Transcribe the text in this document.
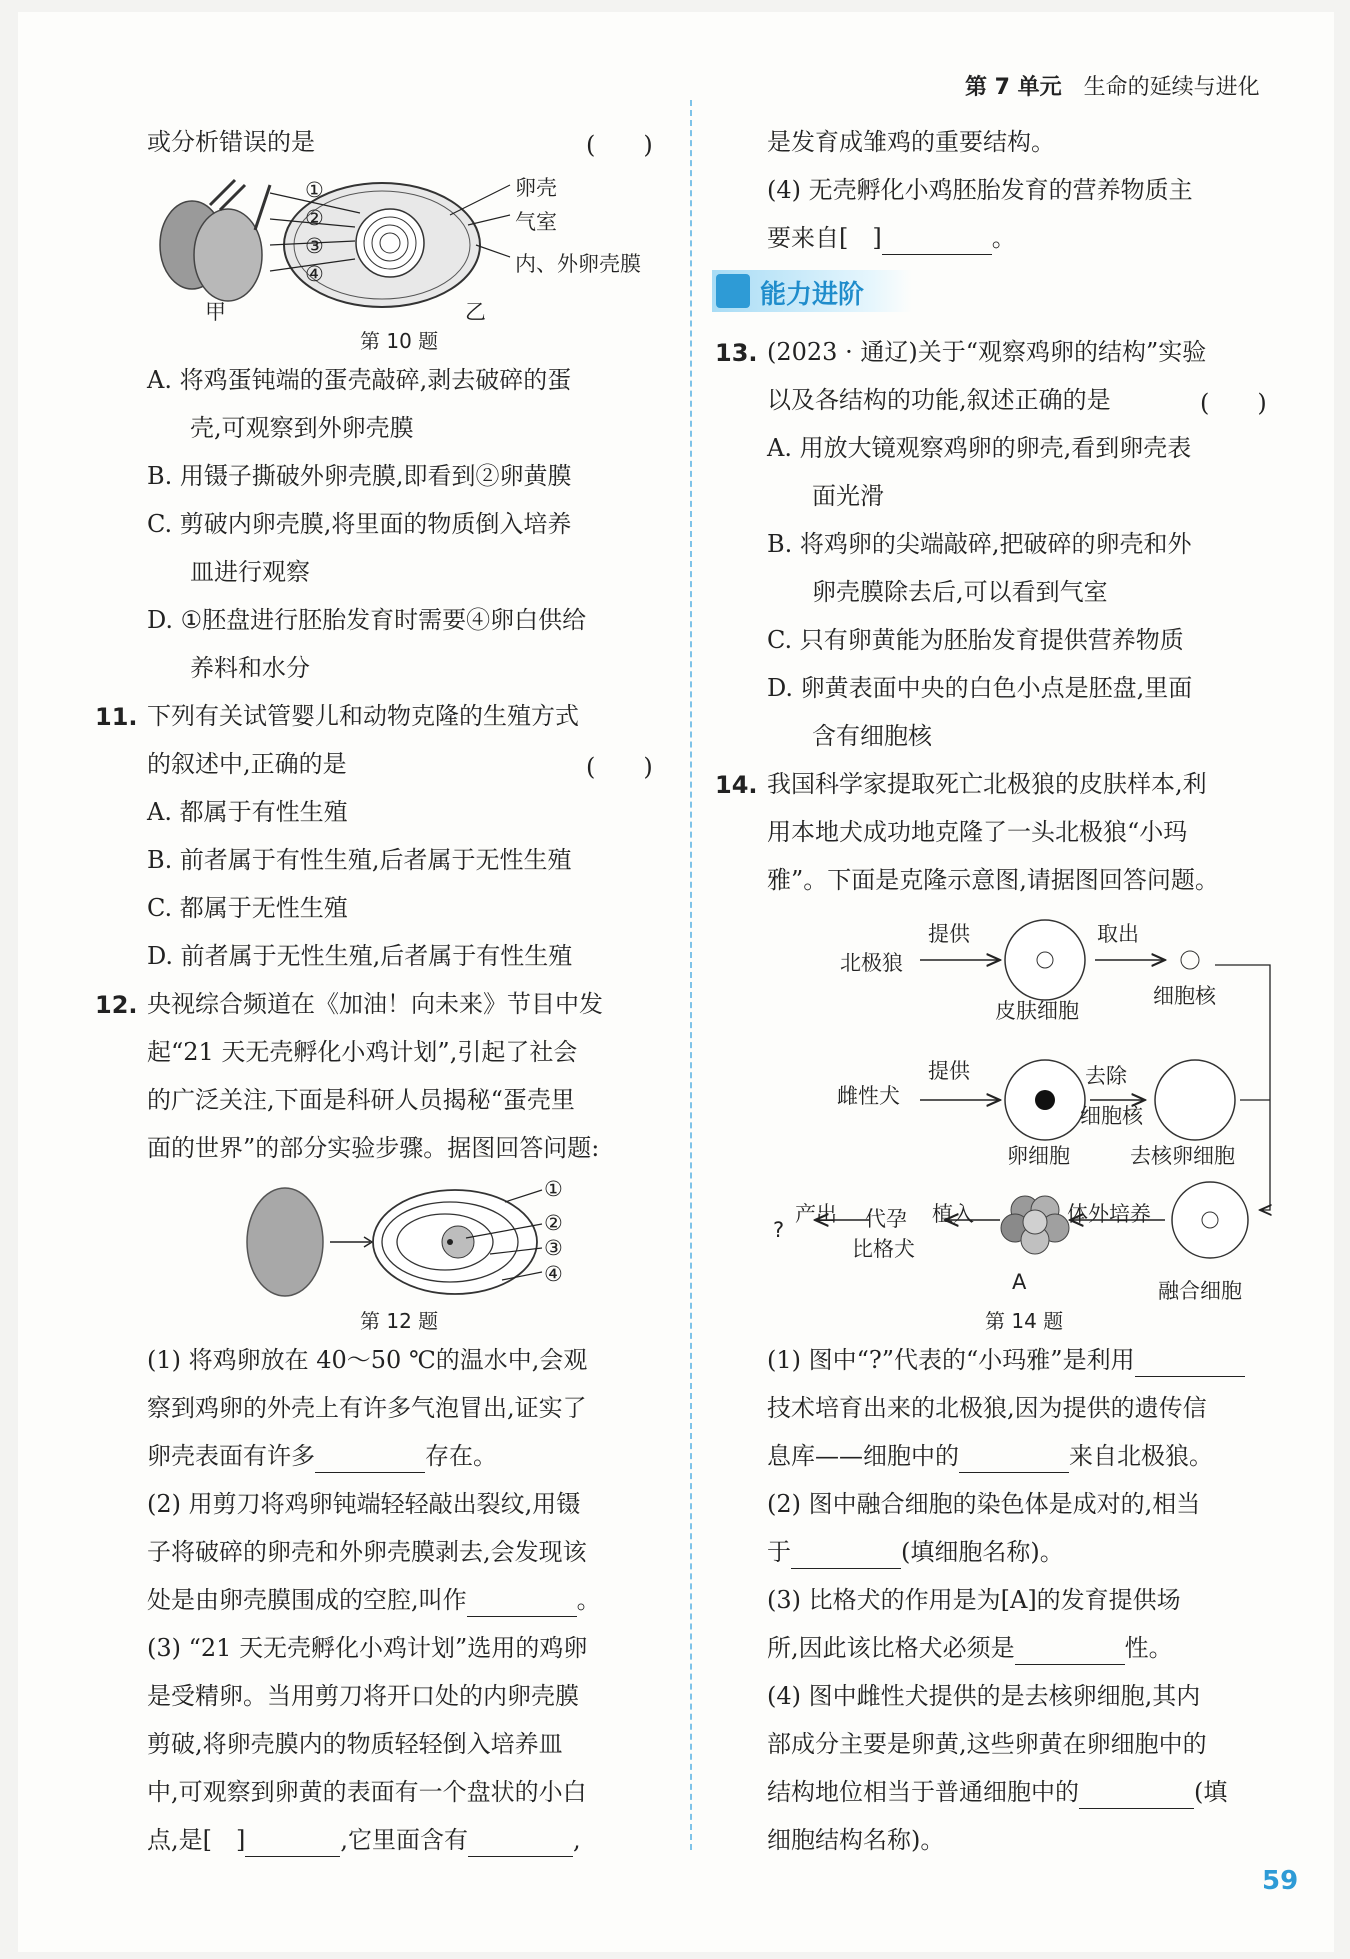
第 7 单元 生命的延续与进化
或分析错误的是	(　　)
①
②
③
④
卵壳
气室
内、外卵壳膜
甲	乙
第 10 题
A. 将鸡蛋钝端的蛋壳敲碎,剥去破碎的蛋
壳,可观察到外卵壳膜
B. 用镊子撕破外卵壳膜,即看到②卵黄膜
C. 剪破内卵壳膜,将里面的物质倒入培养
皿进行观察
D. ①胚盘进行胚胎发育时需要④卵白供给
养料和水分
11. 下列有关试管婴儿和动物克隆的生殖方式
的叙述中,正确的是	(　　)
A. 都属于有性生殖
B. 前者属于有性生殖,后者属于无性生殖
C. 都属于无性生殖
D. 前者属于无性生殖,后者属于有性生殖
12. 央视综合频道在《加油！向未来》节目中发
起“21 天无壳孵化小鸡计划”,引起了社会
的广泛关注,下面是科研人员揭秘“蛋壳里
面的世界”的部分实验步骤。据图回答问题:
①
②
③
④
第 12 题
(1) 将鸡卵放在 40～50 ℃的温水中,会观
察到鸡卵的外壳上有许多气泡冒出,证实了
卵壳表面有许多	存在。
(2) 用剪刀将鸡卵钝端轻轻敲出裂纹,用镊
子将破碎的卵壳和外卵壳膜剥去,会发现该
处是由卵壳膜围成的空腔,叫作	。
(3) “21 天无壳孵化小鸡计划”选用的鸡卵
是受精卵。当用剪刀将开口处的内卵壳膜
剪破,将卵壳膜内的物质轻轻倒入培养皿
中,可观察到卵黄的表面有一个盘状的小白
点,是[　]	,它里面含有	,
是发育成雏鸡的重要结构。
(4) 无壳孵化小鸡胚胎发育的营养物质主
要来自[　]	。
能力进阶
13. (2023 · 通辽)关于“观察鸡卵的结构”实验
以及各结构的功能,叙述正确的是	(　　)
A. 用放大镜观察鸡卵的卵壳,看到卵壳表
面光滑
B. 将鸡卵的尖端敲碎,把破碎的卵壳和外
卵壳膜除去后,可以看到气室
C. 只有卵黄能为胚胎发育提供营养物质
D. 卵黄表面中央的白色小点是胚盘,里面
含有细胞核
14. 我国科学家提取死亡北极狼的皮肤样本,利
用本地犬成功地克隆了一头北极狼“小玛
雅”。下面是克隆示意图,请据图回答问题。
北极狼
提供
皮肤细胞
取出
细胞核
雌性犬
提供
卵细胞
去除
细胞核
去核卵细胞
?
产出 代孕
比格犬
植入
A
体外培养
融合细胞
第 14 题
(1) 图中“?”代表的“小玛雅”是利用
技术培育出来的北极狼,因为提供的遗传信
息库——细胞中的	来自北极狼。
(2) 图中融合细胞的染色体是成对的,相当
于	(填细胞名称)。
(3) 比格犬的作用是为[A]的发育提供场
所,因此该比格犬必须是	性。
(4) 图中雌性犬提供的是去核卵细胞,其内
部成分主要是卵黄,这些卵黄在卵细胞中的
结构地位相当于普通细胞中的	(填
细胞结构名称)。
59
